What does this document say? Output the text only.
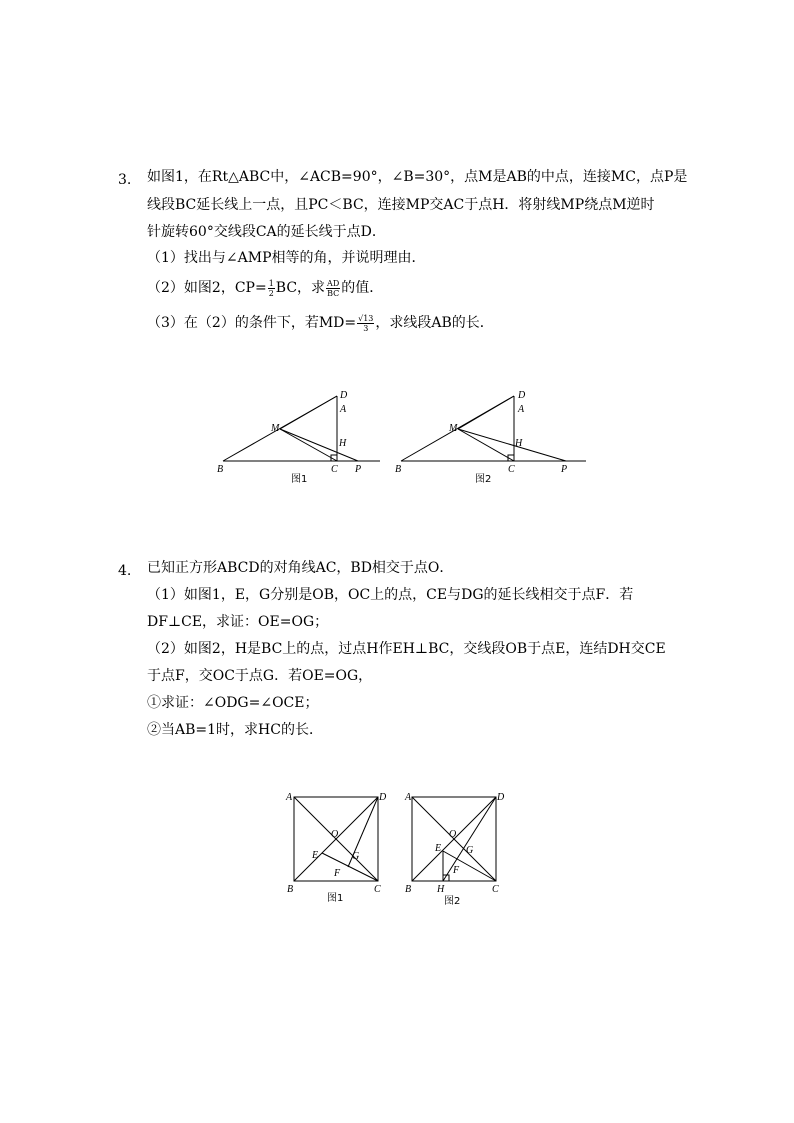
3. 如图1，在Rt△ABC中，∠ACB=90°，∠B=30°，点M是AB的中点，连接MC，点P是
线段BC延长线上一点，且PC＜BC，连接MP交AC于点H．将射线MP绕点M逆时
针旋转60°交线段CA的延长线于点D．
（1）找出与∠AMP相等的角，并说明理由．
（2）如图2，$CP= \frac{1}{2}$ BC，求 $\frac{AD}{BC}$ 的值．
（3）在（2）的条件下，若$MD= \frac{√13}{3}$ ，求线段AB的长．
D
A
M
H
B	C P
图1
D
A
M
H
B	C	P
图2
4. 已知正方形ABCD的对角线AC，BD相交于点O．
（1）如图1，E，G分别是OB，OC上的点，CE与DG的延长线相交于点F．若
DF⊥CE，求证：OE=OG；
（2）如图2，H是BC上的点，过点H作EH⊥BC，交线段OB于点E，连结DH交CE
于点F，交OC于点G．若OE=OG，
①求证：∠ODG=∠OCE；
②当AB=1时，求HC的长．
A	D
O
E	G
F
B	C
图1
A	D
O
E G
F
B	H	C
图2
